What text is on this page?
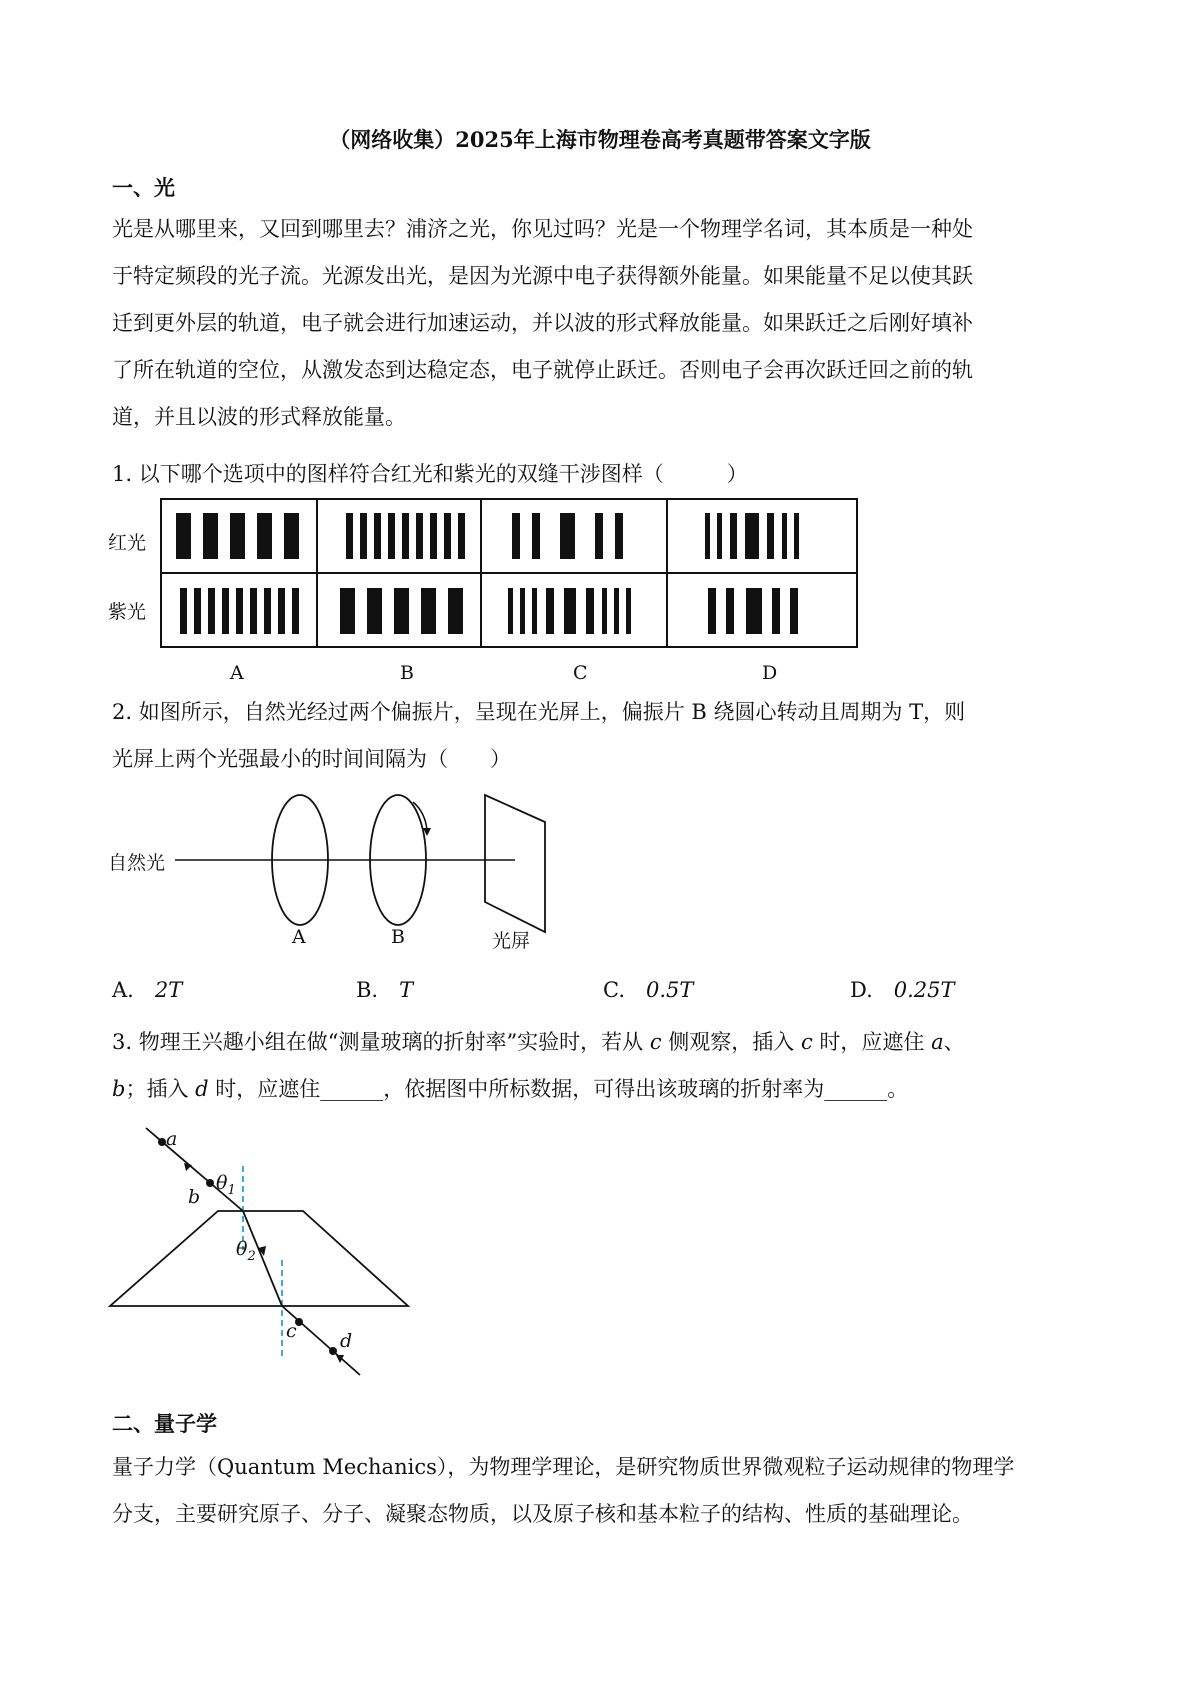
（网络收集）2025年上海市物理卷高考真题带答案文字版
一、光
光是从哪里来，又回到哪里去？浦济之光，你见过吗？光是一个物理学名词，其本质是一种处
于特定频段的光子流。光源发出光，是因为光源中电子获得额外能量。如果能量不足以使其跃
迁到更外层的轨道，电子就会进行加速运动，并以波的形式释放能量。如果跃迁之后刚好填补
了所在轨道的空位，从激发态到达稳定态，电子就停止跃迁。否则电子会再次跃迁回之前的轨
道，并且以波的形式释放能量。
1. 以下哪个选项中的图样符合红光和紫光的双缝干涉图样（　　　）
红光
紫光
A	B	C	D
2. 如图所示，自然光经过两个偏振片，呈现在光屏上，偏振片 B 绕圆心转动且周期为 T，则
光屏上两个光强最小的时间间隔为（　　）
自然光
A	B	光屏
A.  2T	B.  T	C.  0.5T	D.  0.25T
3. 物理王兴趣小组在做“测量玻璃的折射率”实验时，若从 c 侧观察，插入 c 时，应遮住 a、
b；插入 d 时，应遮住______，依据图中所标数据，可得出该玻璃的折射率为______。
a
b
c d
$\theta_1$
$\theta_2$
二、量子学
量子力学（Quantum Mechanics），为物理学理论，是研究物质世界微观粒子运动规律的物理学
分支，主要研究原子、分子、凝聚态物质，以及原子核和基本粒子的结构、性质的基础理论。
